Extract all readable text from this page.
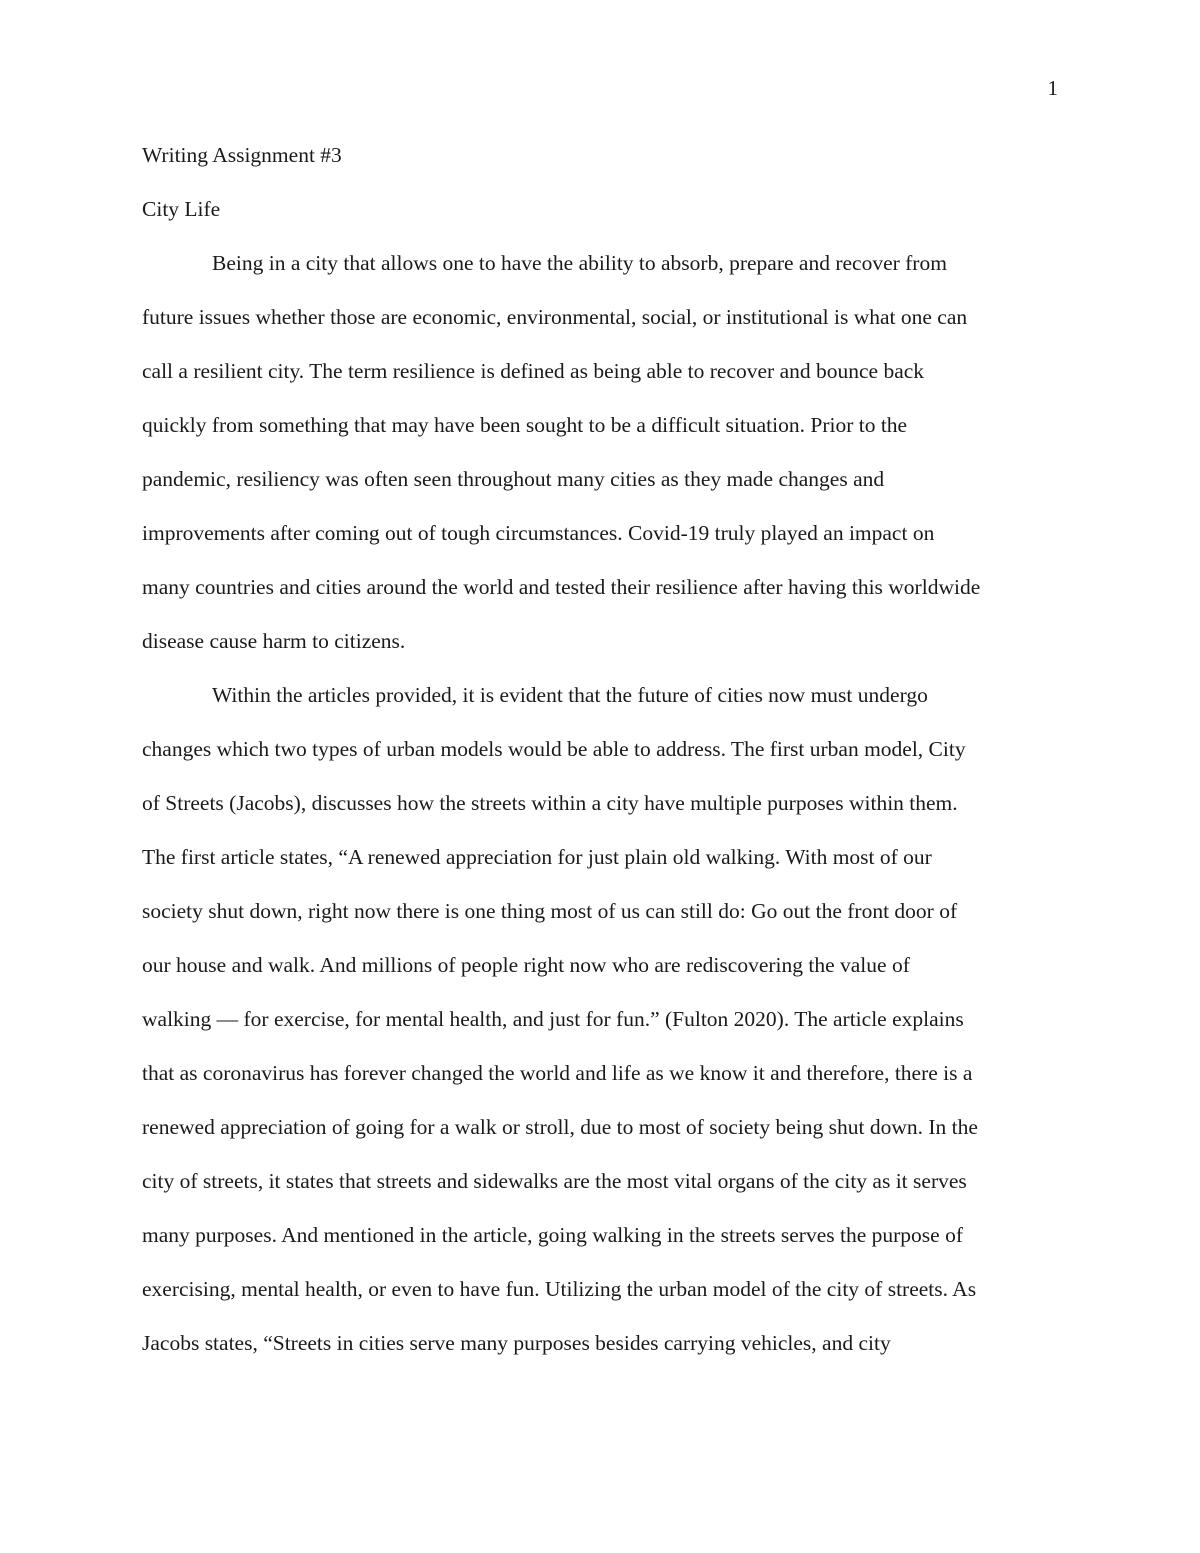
1
Writing Assignment #3
City Life
Being in a city that allows one to have the ability to absorb, prepare and recover from
future issues whether those are economic, environmental, social, or institutional is what one can
call a resilient city. The term resilience is defined as being able to recover and bounce back
quickly from something that may have been sought to be a difficult situation. Prior to the
pandemic, resiliency was often seen throughout many cities as they made changes and
improvements after coming out of tough circumstances. Covid-19 truly played an impact on
many countries and cities around the world and tested their resilience after having this worldwide
disease cause harm to citizens.
Within the articles provided, it is evident that the future of cities now must undergo
changes which two types of urban models would be able to address. The first urban model, City
of Streets (Jacobs), discusses how the streets within a city have multiple purposes within them.
The first article states, “A renewed appreciation for just plain old walking. With most of our
society shut down, right now there is one thing most of us can still do: Go out the front door of
our house and walk. And millions of people right now who are rediscovering the value of
walking — for exercise, for mental health, and just for fun.” (Fulton 2020). The article explains
that as coronavirus has forever changed the world and life as we know it and therefore, there is a
renewed appreciation of going for a walk or stroll, due to most of society being shut down. In the
city of streets, it states that streets and sidewalks are the most vital organs of the city as it serves
many purposes. And mentioned in the article, going walking in the streets serves the purpose of
exercising, mental health, or even to have fun. Utilizing the urban model of the city of streets. As
Jacobs states, “Streets in cities serve many purposes besides carrying vehicles, and city
